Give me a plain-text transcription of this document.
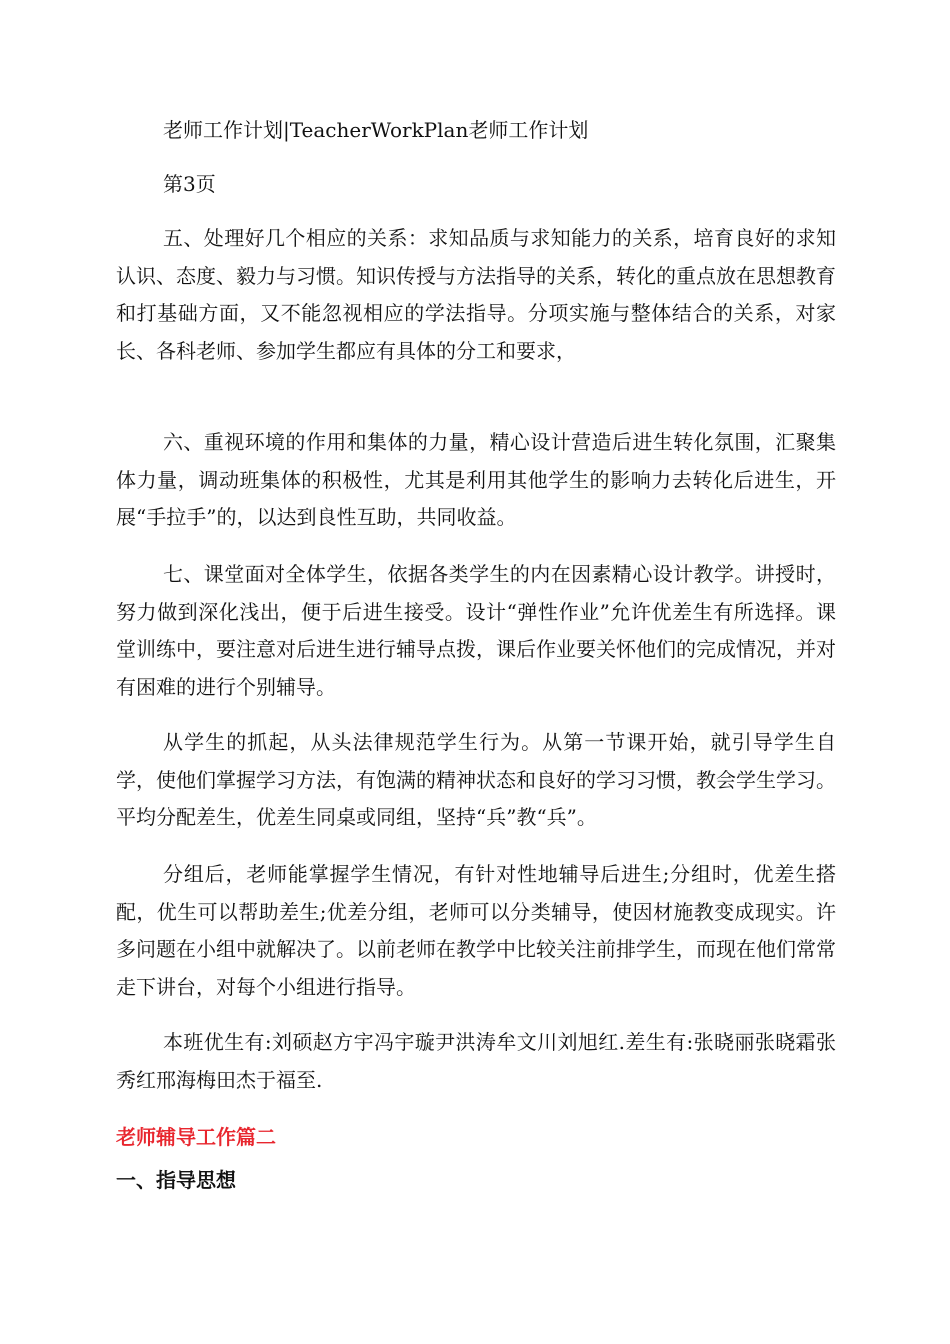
老师工作计划|TeacherWorkPlan老师工作计划
第3页

五、处理好几个相应的关系：求知品质与求知能力的关系，培育良好的求知认识、态度、毅力与习惯。知识传授与方法指导的关系，转化的重点放在思想教育和打基础方面，又不能忽视相应的学法指导。分项实施与整体结合的关系，对家长、各科老师、参加学生都应有具体的分工和要求，

六、重视环境的作用和集体的力量，精心设计营造后进生转化氛围，汇聚集体力量，调动班集体的积极性，尤其是利用其他学生的影响力去转化后进生，开展“手拉手”的，以达到良性互助，共同收益。

七、课堂面对全体学生，依据各类学生的内在因素精心设计教学。讲授时，努力做到深化浅出，便于后进生接受。设计“弹性作业”允许优差生有所选择。课堂训练中，要注意对后进生进行辅导点拨，课后作业要关怀他们的完成情况，并对有困难的进行个别辅导。

从学生的抓起，从头法律规范学生行为。从第一节课开始，就引导学生自学，使他们掌握学习方法，有饱满的精神状态和良好的学习习惯，教会学生学习。平均分配差生，优差生同桌或同组，坚持“兵”教“兵”。

分组后，老师能掌握学生情况，有针对性地辅导后进生;分组时，优差生搭配，优生可以帮助差生;优差分组，老师可以分类辅导，使因材施教变成现实。许多问题在小组中就解决了。以前老师在教学中比较关注前排学生，而现在他们常常走下讲台，对每个小组进行指导。

本班优生有:刘硕赵方宇冯宇璇尹洪涛牟文川刘旭红.差生有:张晓丽张晓霜张秀红邢海梅田杰于福至.

老师辅导工作篇二
一、指导思想
